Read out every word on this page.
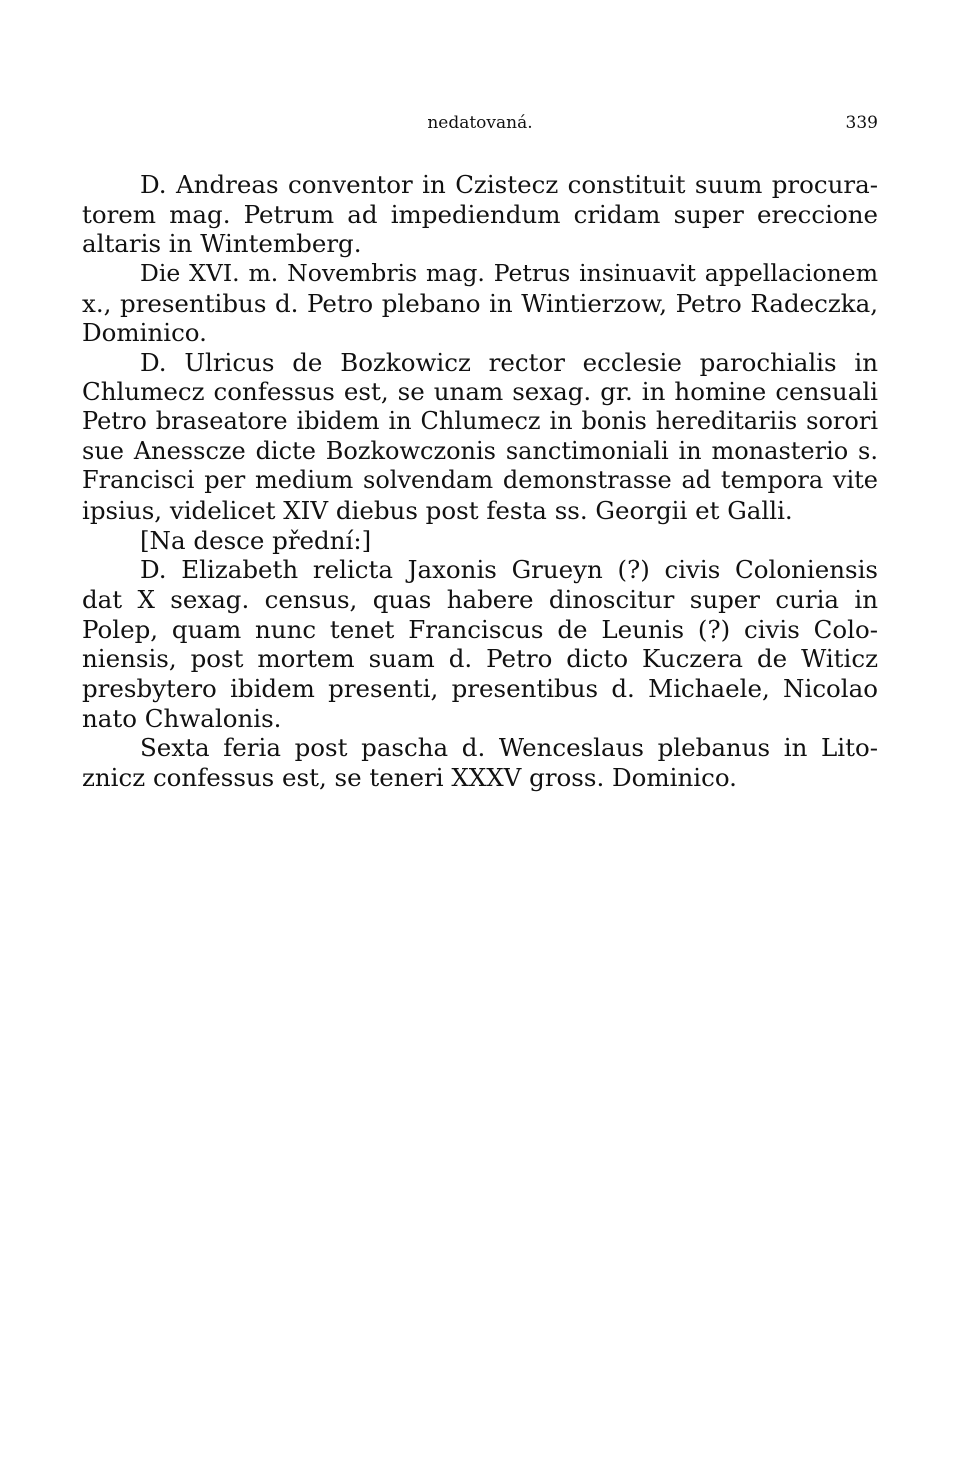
nedatovaná.	339
D. Andreas conventor in Czistecz constituit suum procura-
torem mag. Petrum ad impediendum cridam super ereccione
altaris in Wintemberg.
Die XVI. m. Novembris mag. Petrus insinuavit appellacionem
x., presentibus d. Petro plebano in Wintierzow, Petro Radeczka,
Dominico.
D. Ulricus de Bozkowicz rector ecclesie parochialis in
Chlumecz confessus est, se unam sexag. gr. in homine censuali
Petro braseatore ibidem in Chlumecz in bonis hereditariis sorori
sue Anesscze dicte Bozkowczonis sanctimoniali in monasterio s.
Francisci per medium solvendam demonstrasse ad tempora vite
ipsius, videlicet XIV diebus post festa ss. Georgii et Galli.
[Na desce přední:]
D. Elizabeth relicta Jaxonis Grueyn (?) civis Coloniensis
dat X sexag. census, quas habere dinoscitur super curia in
Polep, quam nunc tenet Franciscus de Leunis (?) civis Colo-
niensis, post mortem suam d. Petro dicto Kuczera de Witicz
presbytero ibidem presenti, presentibus d. Michaele, Nicolao
nato Chwalonis.
Sexta feria post pascha d. Wenceslaus plebanus in Lito-
znicz confessus est, se teneri XXXV gross. Dominico.
